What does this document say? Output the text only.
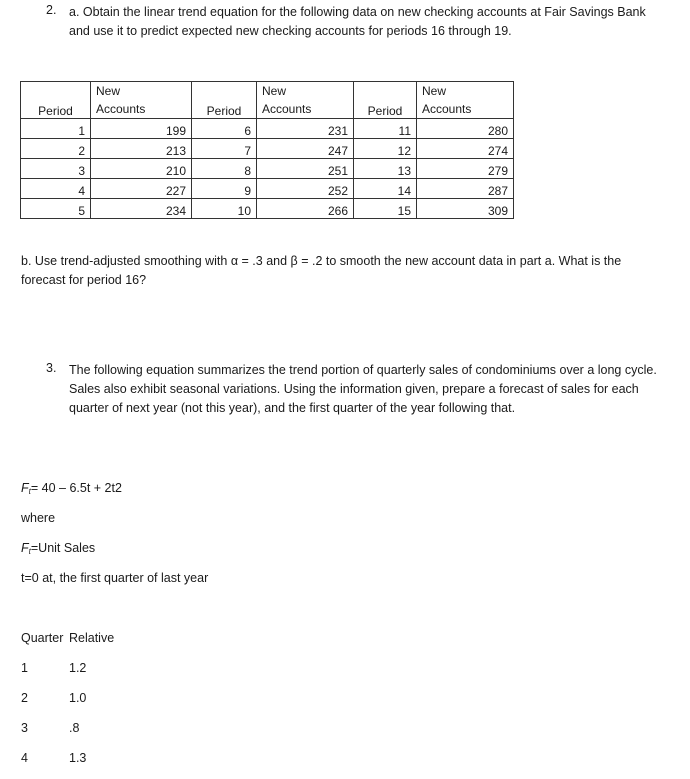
2.	a. Obtain the linear trend equation for the following data on new checking accounts at Fair Savings Bank and use it to predict expected new checking accounts for periods 16 through 19.
Period	New Accounts	Period	New Accounts	Period	New Accounts
1	199	6	231	11	280
2	213	7	247	12	274
3	210	8	251	13	279
4	227	9	252	14	287
5	234	10	266	15	309
b. Use trend-adjusted smoothing with α = .3 and β = .2 to smooth the new account data in part a. What is the forecast for period 16?
3.	The following equation summarizes the trend portion of quarterly sales of condominiums over a long cycle. Sales also exhibit seasonal variations. Using the information given, prepare a forecast of sales for each quarter of next year (not this year), and the first quarter of the year following that.
$F_t= 40 - 6.5t + 2t2$
where
$F_t=Unit$ Sales
t=0 at, the first quarter of last year
Quarter Relative
1	1.2
2	1.0
3	.8
4	1.3
